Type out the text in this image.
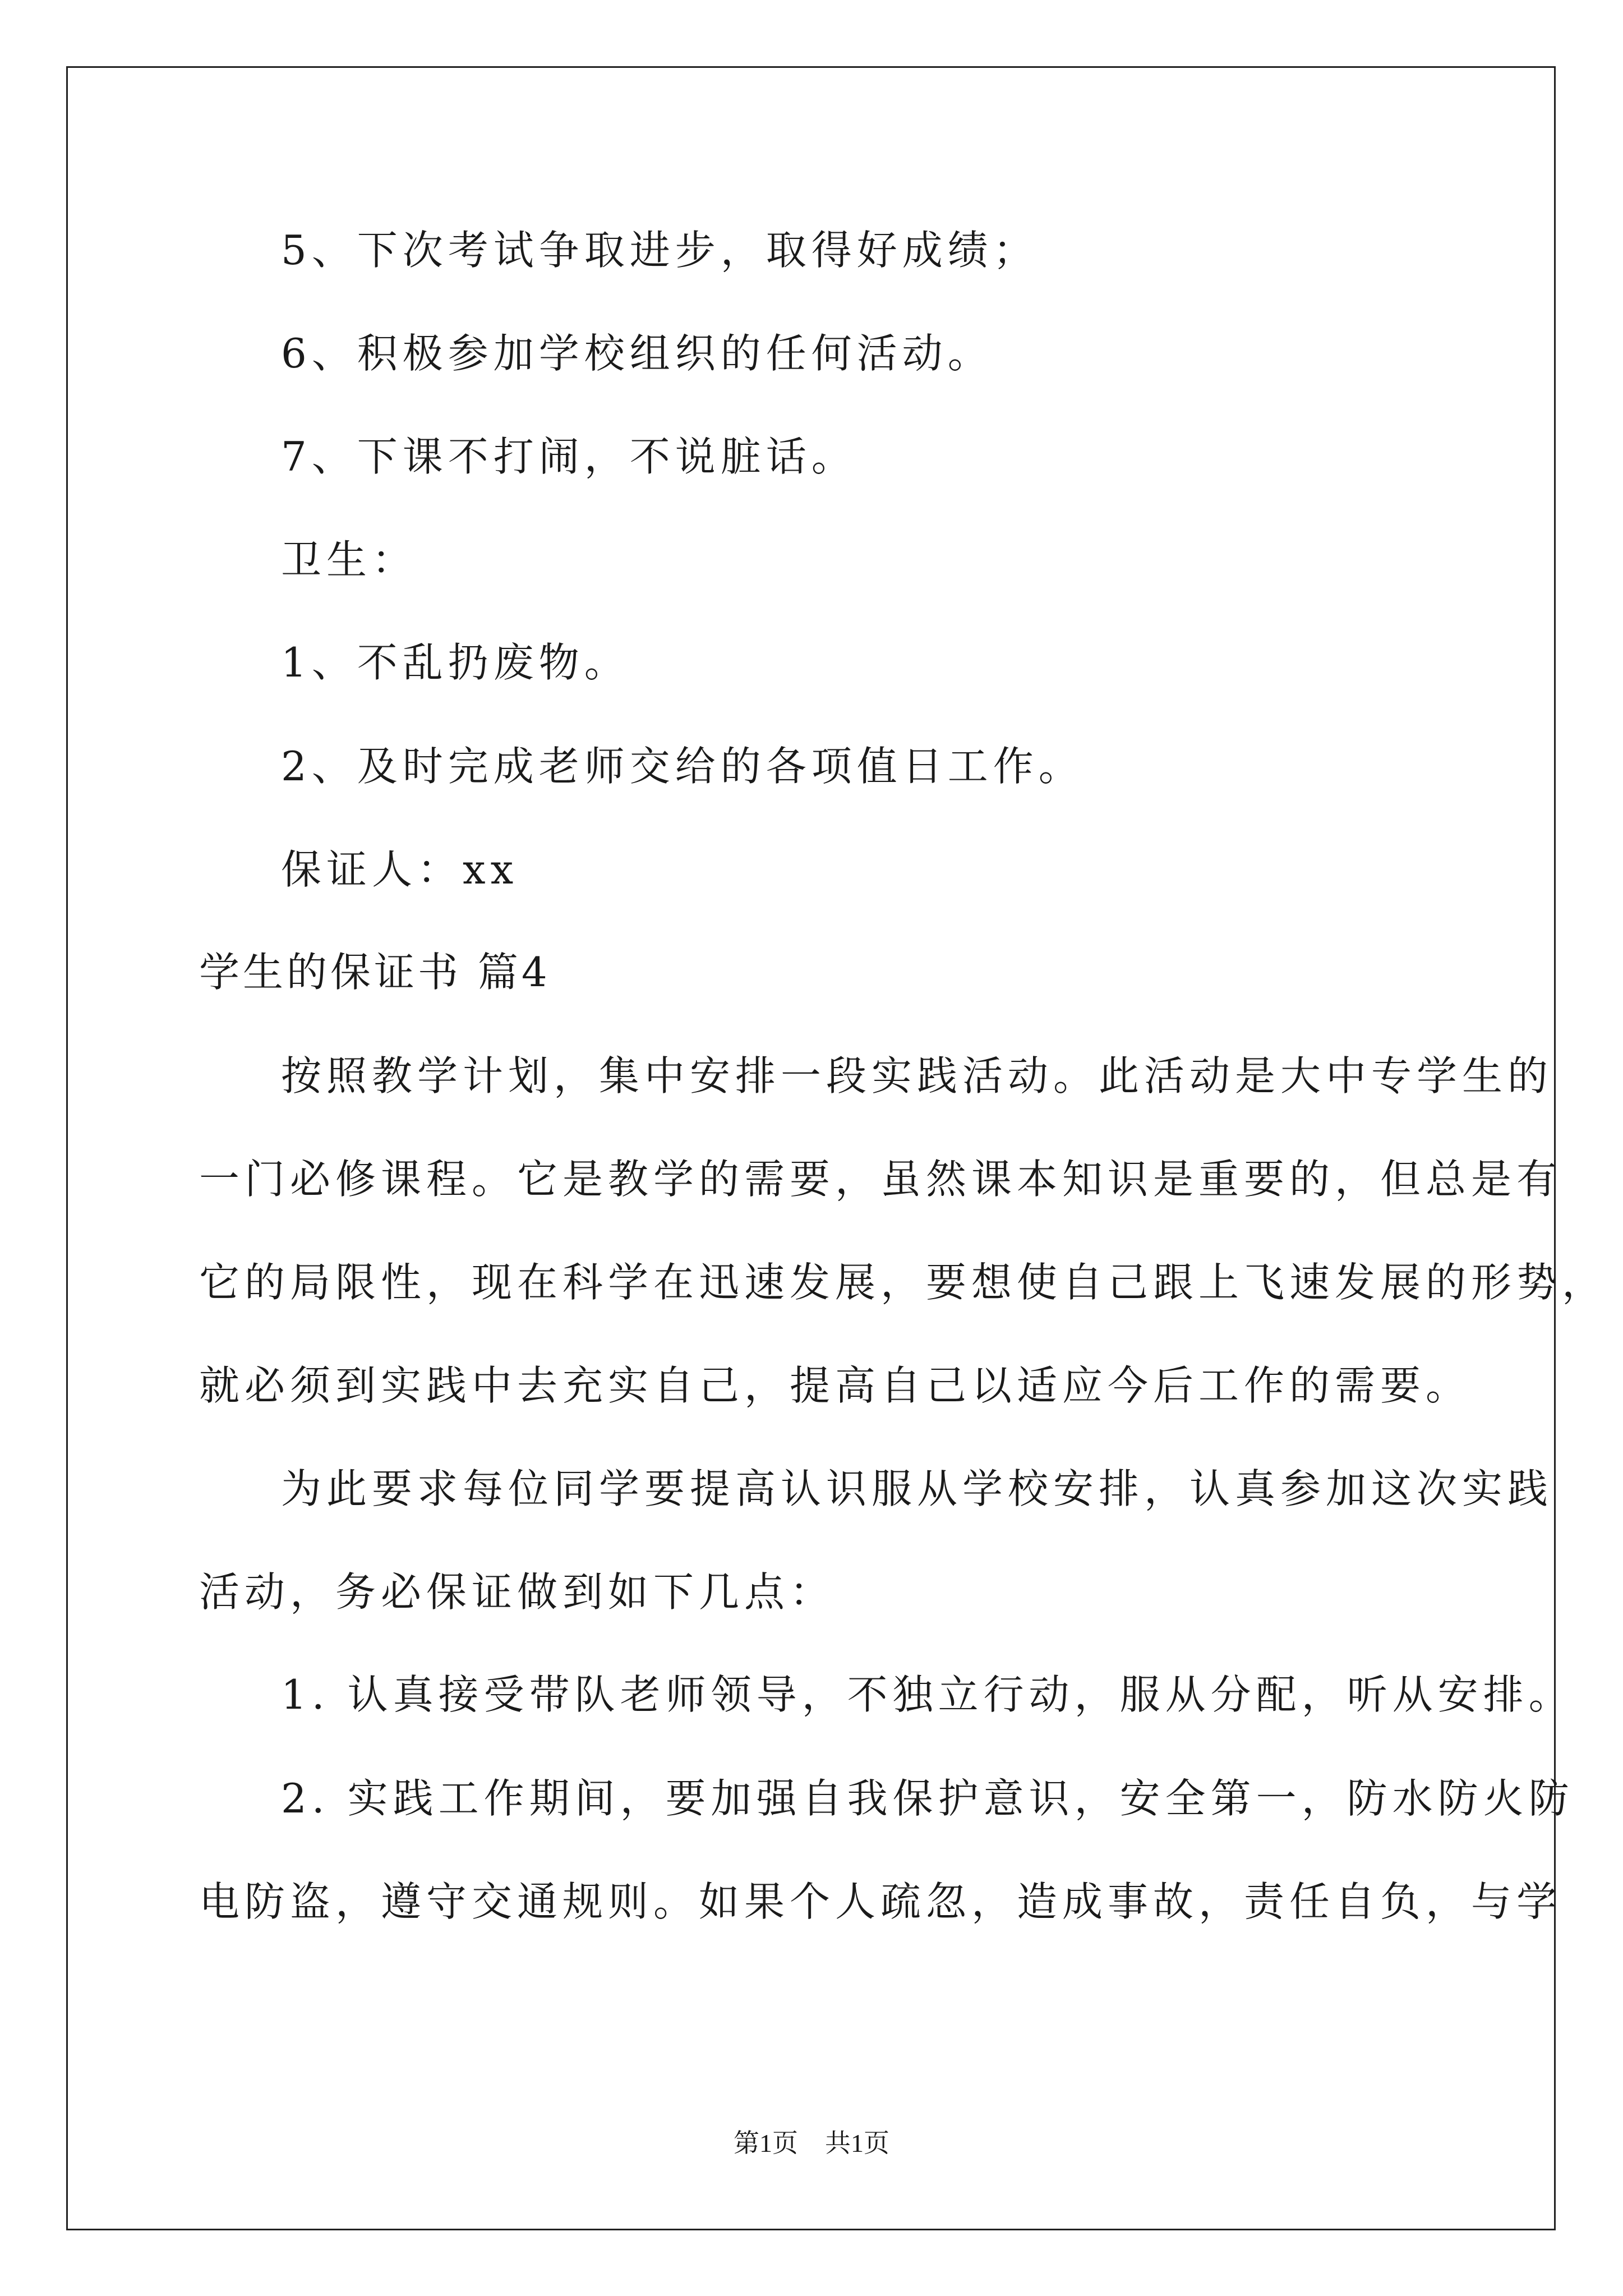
5、下次考试争取进步，取得好成绩；
6、积极参加学校组织的任何活动。
7、下课不打闹，不说脏话。
卫生：
1、不乱扔废物。
2、及时完成老师交给的各项值日工作。
保证人：xx
学生的保证书 篇4
按照教学计划，集中安排一段实践活动。此活动是大中专学生的
一门必修课程。它是教学的需要，虽然课本知识是重要的，但总是有
它的局限性，现在科学在迅速发展，要想使自己跟上飞速发展的形势，
就必须到实践中去充实自己，提高自己以适应今后工作的需要。
为此要求每位同学要提高认识服从学校安排，认真参加这次实践
活动，务必保证做到如下几点：
1. 认真接受带队老师领导，不独立行动，服从分配，听从安排。
2. 实践工作期间，要加强自我保护意识，安全第一，防水防火防
电防盗，遵守交通规则。如果个人疏忽，造成事故，责任自负，与学
第1页 共1页
